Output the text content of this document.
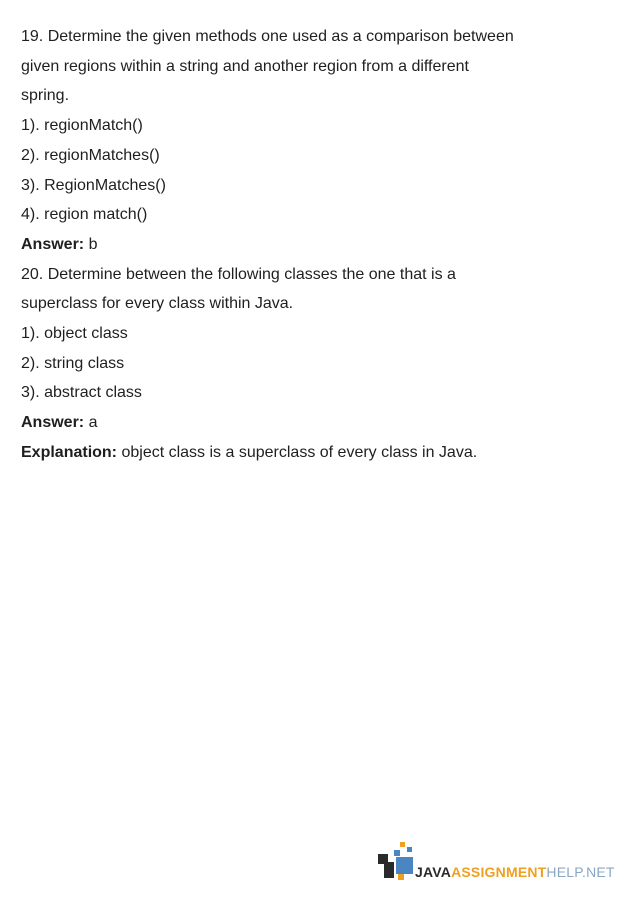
19. Determine the given methods one used as a comparison between
given regions within a string and another region from a different
spring.
1). regionMatch()
2). regionMatches()
3). RegionMatches()
4). region match()
Answer: b
20. Determine between the following classes the one that is a
superclass for every class within Java.
1). object class
2). string class
3). abstract class
Answer: a
Explanation: object class is a superclass of every class in Java.
JAVAASSIGNMENTHELP.NET
